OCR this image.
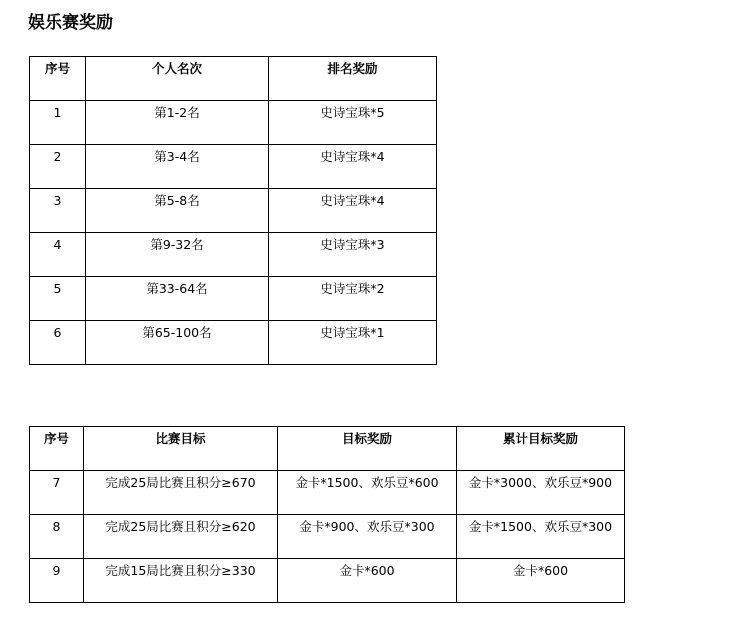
娱乐赛奖励
序号	个人名次	排名奖励

1	第1-2名	史诗宝珠*5

2	第3-4名	史诗宝珠*4

3	第5-8名	史诗宝珠*4

4	第9-32名	史诗宝珠*3

5	第33-64名	史诗宝珠*2

6	第65-100名	史诗宝珠*1
序号	比赛目标	目标奖励	累计目标奖励

7	完成25局比赛且积分≥670	金卡*1500、欢乐豆*600	金卡*3000、欢乐豆*900

8	完成25局比赛且积分≥620	金卡*900、欢乐豆*300	金卡*1500、欢乐豆*300

9	完成15局比赛且积分≥330	金卡*600	金卡*600
